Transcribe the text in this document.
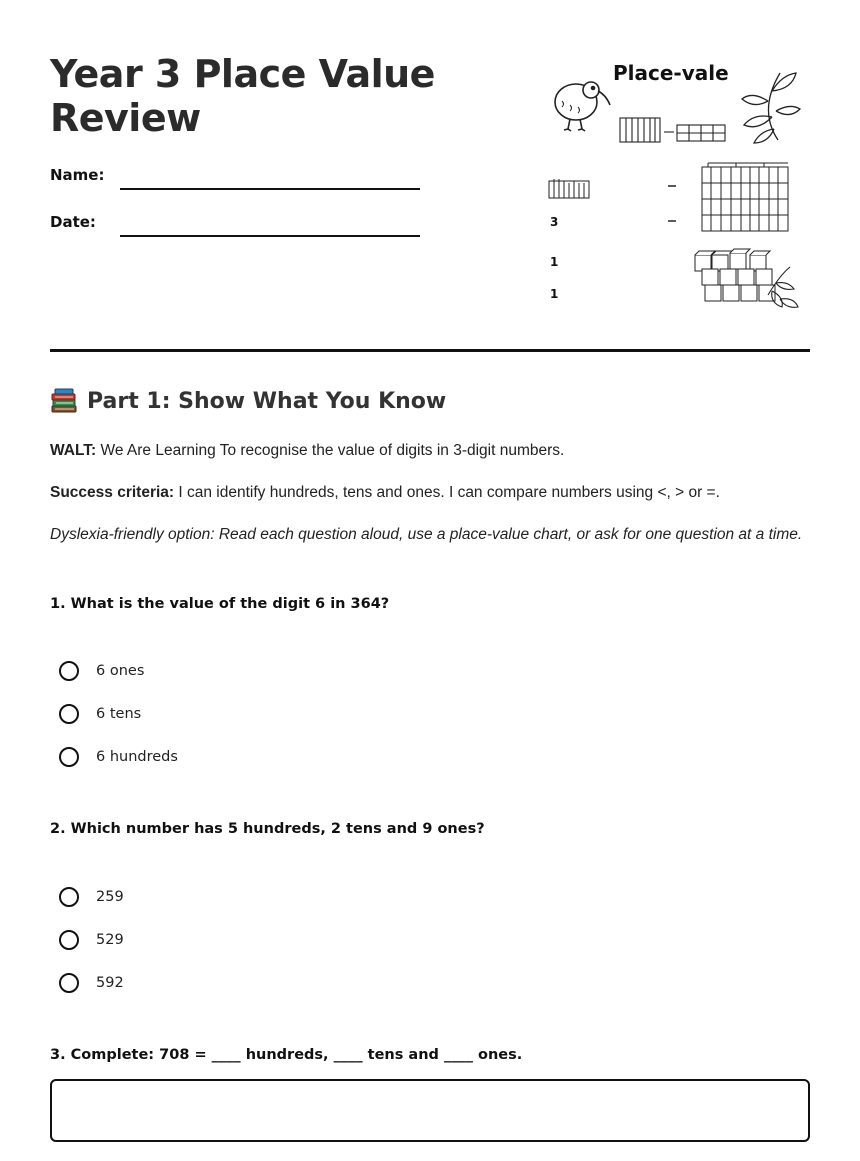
Year 3 Place Value Review
Name:
Date:
Place-vale
3
1
1
Part 1: Show What You Know

WALT: We Are Learning To recognise the value of digits in 3-digit numbers.

Success criteria: I can identify hundreds, tens and ones. I can compare numbers using <, > or =.

Dyslexia-friendly option: Read each question aloud, use a place-value chart, or ask for one question at a time.

1. What is the value of the digit 6 in 364?

6 ones
6 tens
6 hundreds

2. Which number has 5 hundreds, 2 tens and 9 ones?

259
529
592

3. Complete: 708 = ____ hundreds, ____ tens and ____ ones.
